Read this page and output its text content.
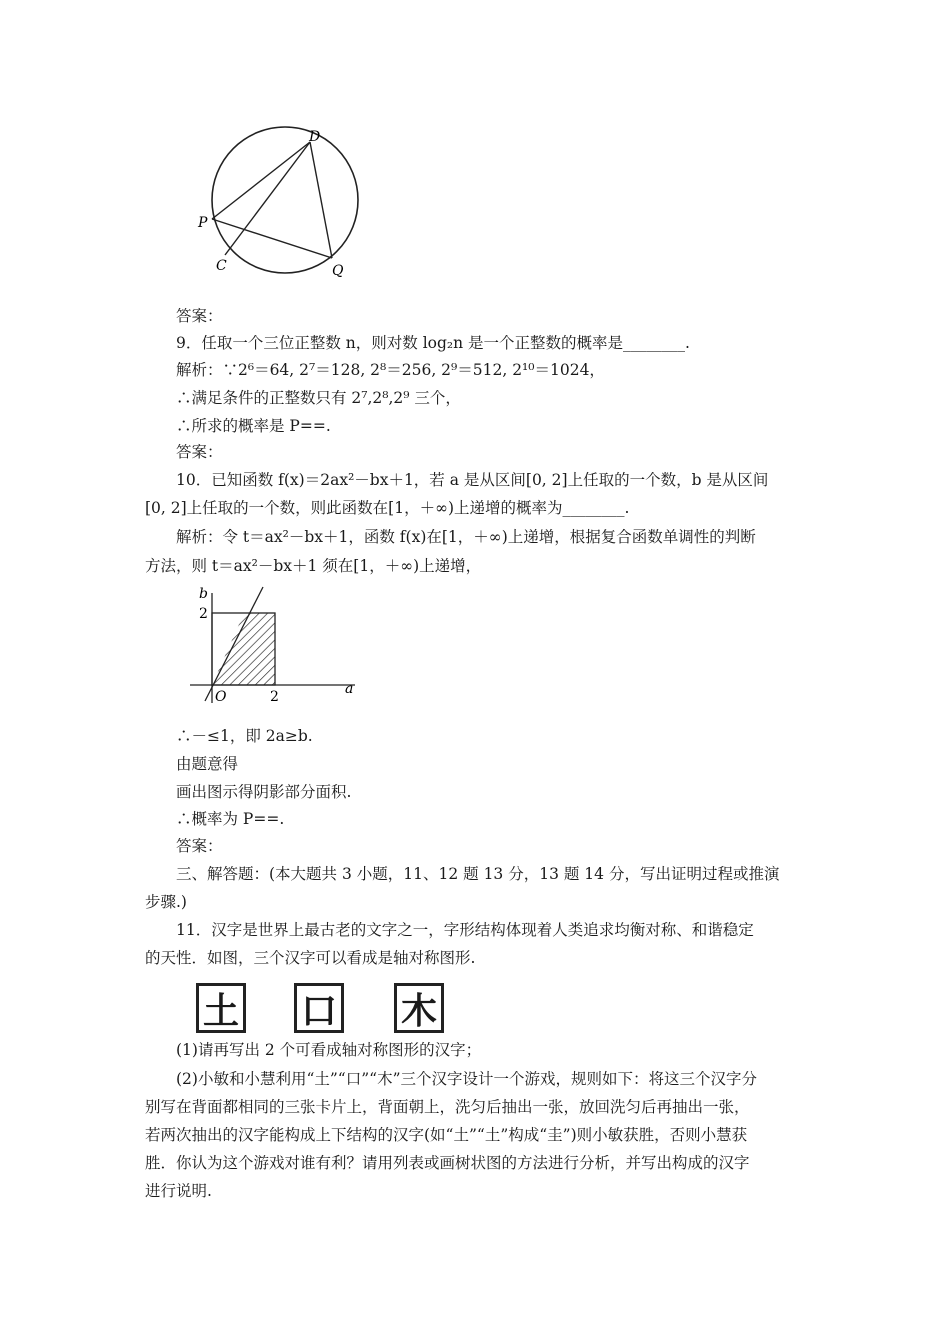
D
P
C	Q
答案：
9．任取一个三位正整数 n，则对数 log₂n 是一个正整数的概率是________.
解析：∵2⁶＝64, 2⁷＝128, 2⁸＝256, 2⁹＝512, 2¹⁰＝1024，
∴满足条件的正整数只有 2⁷,2⁸,2⁹ 三个，
∴所求的概率是 P==.
答案：
10．已知函数 f(x)＝2ax²－bx＋1，若 a 是从区间[0, 2]上任取的一个数，b 是从区间
[0, 2]上任取的一个数，则此函数在[1，＋∞)上递增的概率为________.
解析：令 t＝ax²－bx＋1，函数 f(x)在[1，＋∞)上递增，根据复合函数单调性的判断
方法，则 t＝ax²－bx＋1 须在[1，＋∞)上递增，
b
2
O	2	a
∴－≤1，即 2a≥b.
由题意得
画出图示得阴影部分面积.
∴概率为 P==.
答案：
三、解答题：(本大题共 3 小题，11、12 题 13 分，13 题 14 分，写出证明过程或推演
步骤.)
11．汉字是世界上最古老的文字之一，字形结构体现着人类追求均衡对称、和谐稳定
的天性．如图，三个汉字可以看成是轴对称图形.
土 口 木
(1)请再写出 2 个可看成轴对称图形的汉字；
(2)小敏和小慧利用“土”“口”“木”三个汉字设计一个游戏，规则如下：将这三个汉字分
别写在背面都相同的三张卡片上，背面朝上，洗匀后抽出一张，放回洗匀后再抽出一张，
若两次抽出的汉字能构成上下结构的汉字(如“土”“土”构成“圭”)则小敏获胜，否则小慧获
胜．你认为这个游戏对谁有利？请用列表或画树状图的方法进行分析，并写出构成的汉字
进行说明.
